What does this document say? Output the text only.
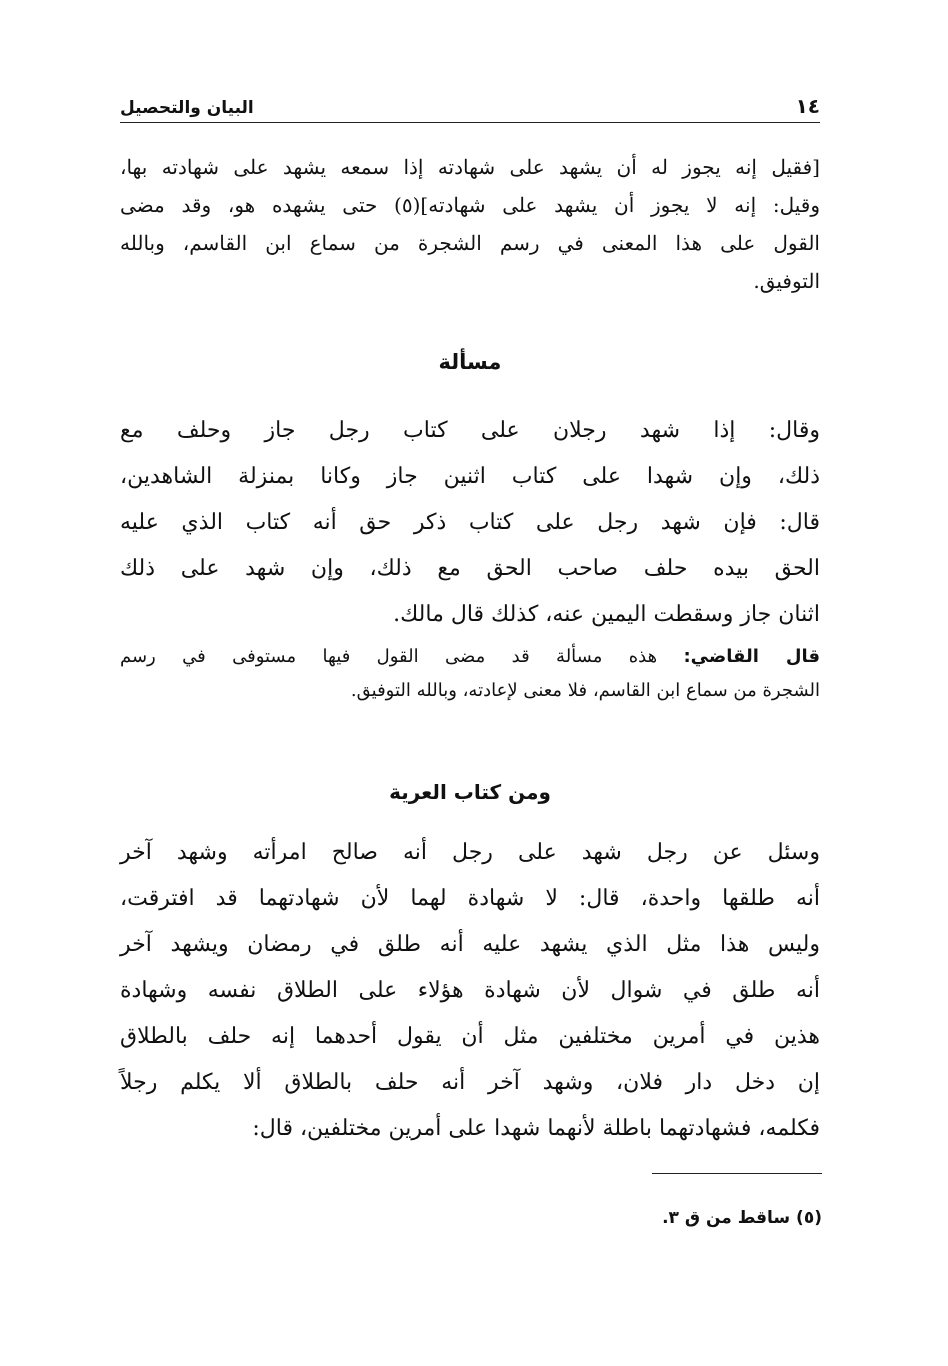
١٤
البيان والتحصيل
[فقيل إنه يجوز له أن يشهد على شهادته إذا سمعه يشهد على شهادته بها،
وقيل: إنه لا يجوز أن يشهد على شهادته](٥) حتى يشهده هو، وقد مضى
القول على هذا المعنى في رسم الشجرة من سماع ابن القاسم، وبالله
التوفيق.
مسألة
وقال: إذا شهد رجلان على كتاب رجل جاز وحلف مع
ذلك، وإن شهدا على كتاب اثنين جاز وكانا بمنزلة الشاهدين،
قال: فإن شهد رجل على كتاب ذكر حق أنه كتاب الذي عليه
الحق بيده حلف صاحب الحق مع ذلك، وإن شهد على ذلك
اثنان جاز وسقطت اليمين عنه، كذلك قال مالك.
قال القاضي: هذه مسألة قد مضى القول فيها مستوفى في رسم
الشجرة من سماع ابن القاسم، فلا معنى لإعادته، وبالله التوفيق.
ومن كتاب العرية
وسئل عن رجل شهد على رجل أنه صالح امرأته وشهد آخر
أنه طلقها واحدة، قال: لا شهادة لهما لأن شهادتهما قد افترقت،
وليس هذا مثل الذي يشهد عليه أنه طلق في رمضان ويشهد آخر
أنه طلق في شوال لأن شهادة هؤلاء على الطلاق نفسه وشهادة
هذين في أمرين مختلفين مثل أن يقول أحدهما إنه حلف بالطلاق
إن دخل دار فلان، وشهد آخر أنه حلف بالطلاق ألا يكلم رجلاً
فكلمه، فشهادتهما باطلة لأنهما شهدا على أمرين مختلفين، قال:
(٥) ساقط من ق ٣.
